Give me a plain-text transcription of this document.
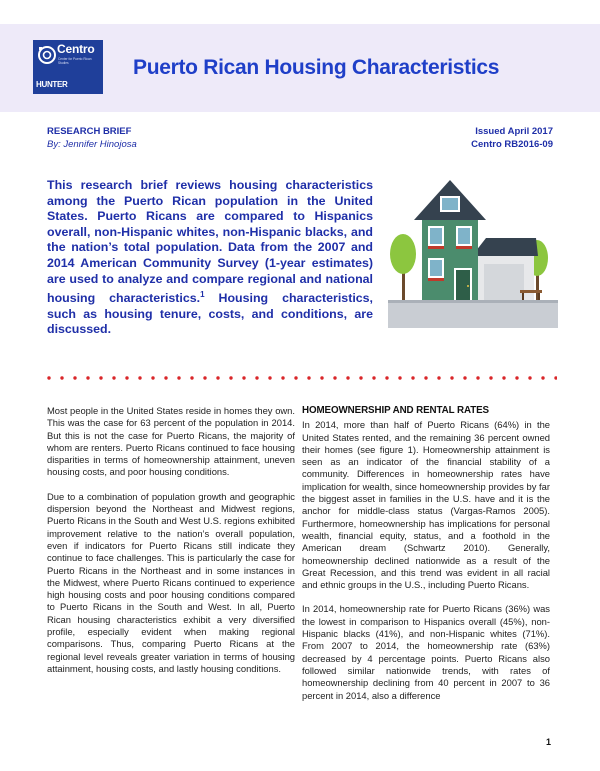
Centro
Center for Puerto Rican Studies
HUNTER
Puerto Rican Housing Characteristics
RESEARCH BRIEF
By: Jennifer Hinojosa
Issued April 2017
Centro RB2016-09
This research brief reviews housing characteristics among the Puerto Rican population in the United States. Puerto Ricans are compared to Hispanics overall, non-Hispanic whites, non-Hispanic blacks, and the nation’s total population. Data from the 2007 and 2014 American Community Survey (1-year estimates) are used to analyze and compare regional and national housing characteristics.$^1$ Housing characteristics, such as housing tenure, costs, and conditions, are discussed.

Most people in the United States reside in homes they own. This was the case for 63 percent of the population in 2014. But this is not the case for Puerto Ricans, the majority of whom are renters. Puerto Ricans continued to face housing disparities in terms of homeownership attainment, uneven housing costs, and poor housing conditions.

Due to a combination of population growth and geographic dispersion beyond the Northeast and Midwest regions, Puerto Ricans in the South and West U.S. regions exhibited improvement relative to the nation’s overall population, even if indicators for Puerto Ricans still indicate they continue to face challenges. This is particularly the case for Puerto Ricans in the Northeast and in some instances in the Midwest, where Puerto Ricans continued to experience high housing costs and poor housing conditions compared to Puerto Ricans in the South and West. In all, Puerto Rican housing characteristics exhibit a very diversified profile, especially evident when making regional comparisons. Thus, comparing Puerto Ricans at the regional level reveals greater variation in terms of housing attainment, housing costs, and lastly housing conditions.

HOMEOWNERSHIP AND RENTAL RATES

In 2014, more than half of Puerto Ricans (64%) in the United States rented, and the remaining 36 percent owned their homes (see figure 1). Homeownership attainment is seen as an indicator of the financial stability of a community. Differences in homeownership rates have implication for wealth, since homeownership provides by far the biggest asset in families in the U.S. have and it is the anchor for middle-class status (Vargas-Ramos 2005). Furthermore, homeownership has implications for personal wealth, financial equity, status, and a foothold in the American dream (Schwartz 2010). Generally, homeownership declined nationwide as a result of the Great Recession, and this trend was evident in all racial and ethnic groups in the U.S., including Puerto Ricans.

In 2014, homeownership rate for Puerto Ricans (36%) was the lowest in comparison to Hispanics overall (45%), non-Hispanic blacks (41%), and non-Hispanic whites (71%). From 2007 to 2014, the homeownership rate (63%) decreased by 4 percentage points. Puerto Ricans also followed similar nationwide trends, with rates of homeownership declining from 40 percent in 2007 to 36 percent in 2014, also a difference

1
